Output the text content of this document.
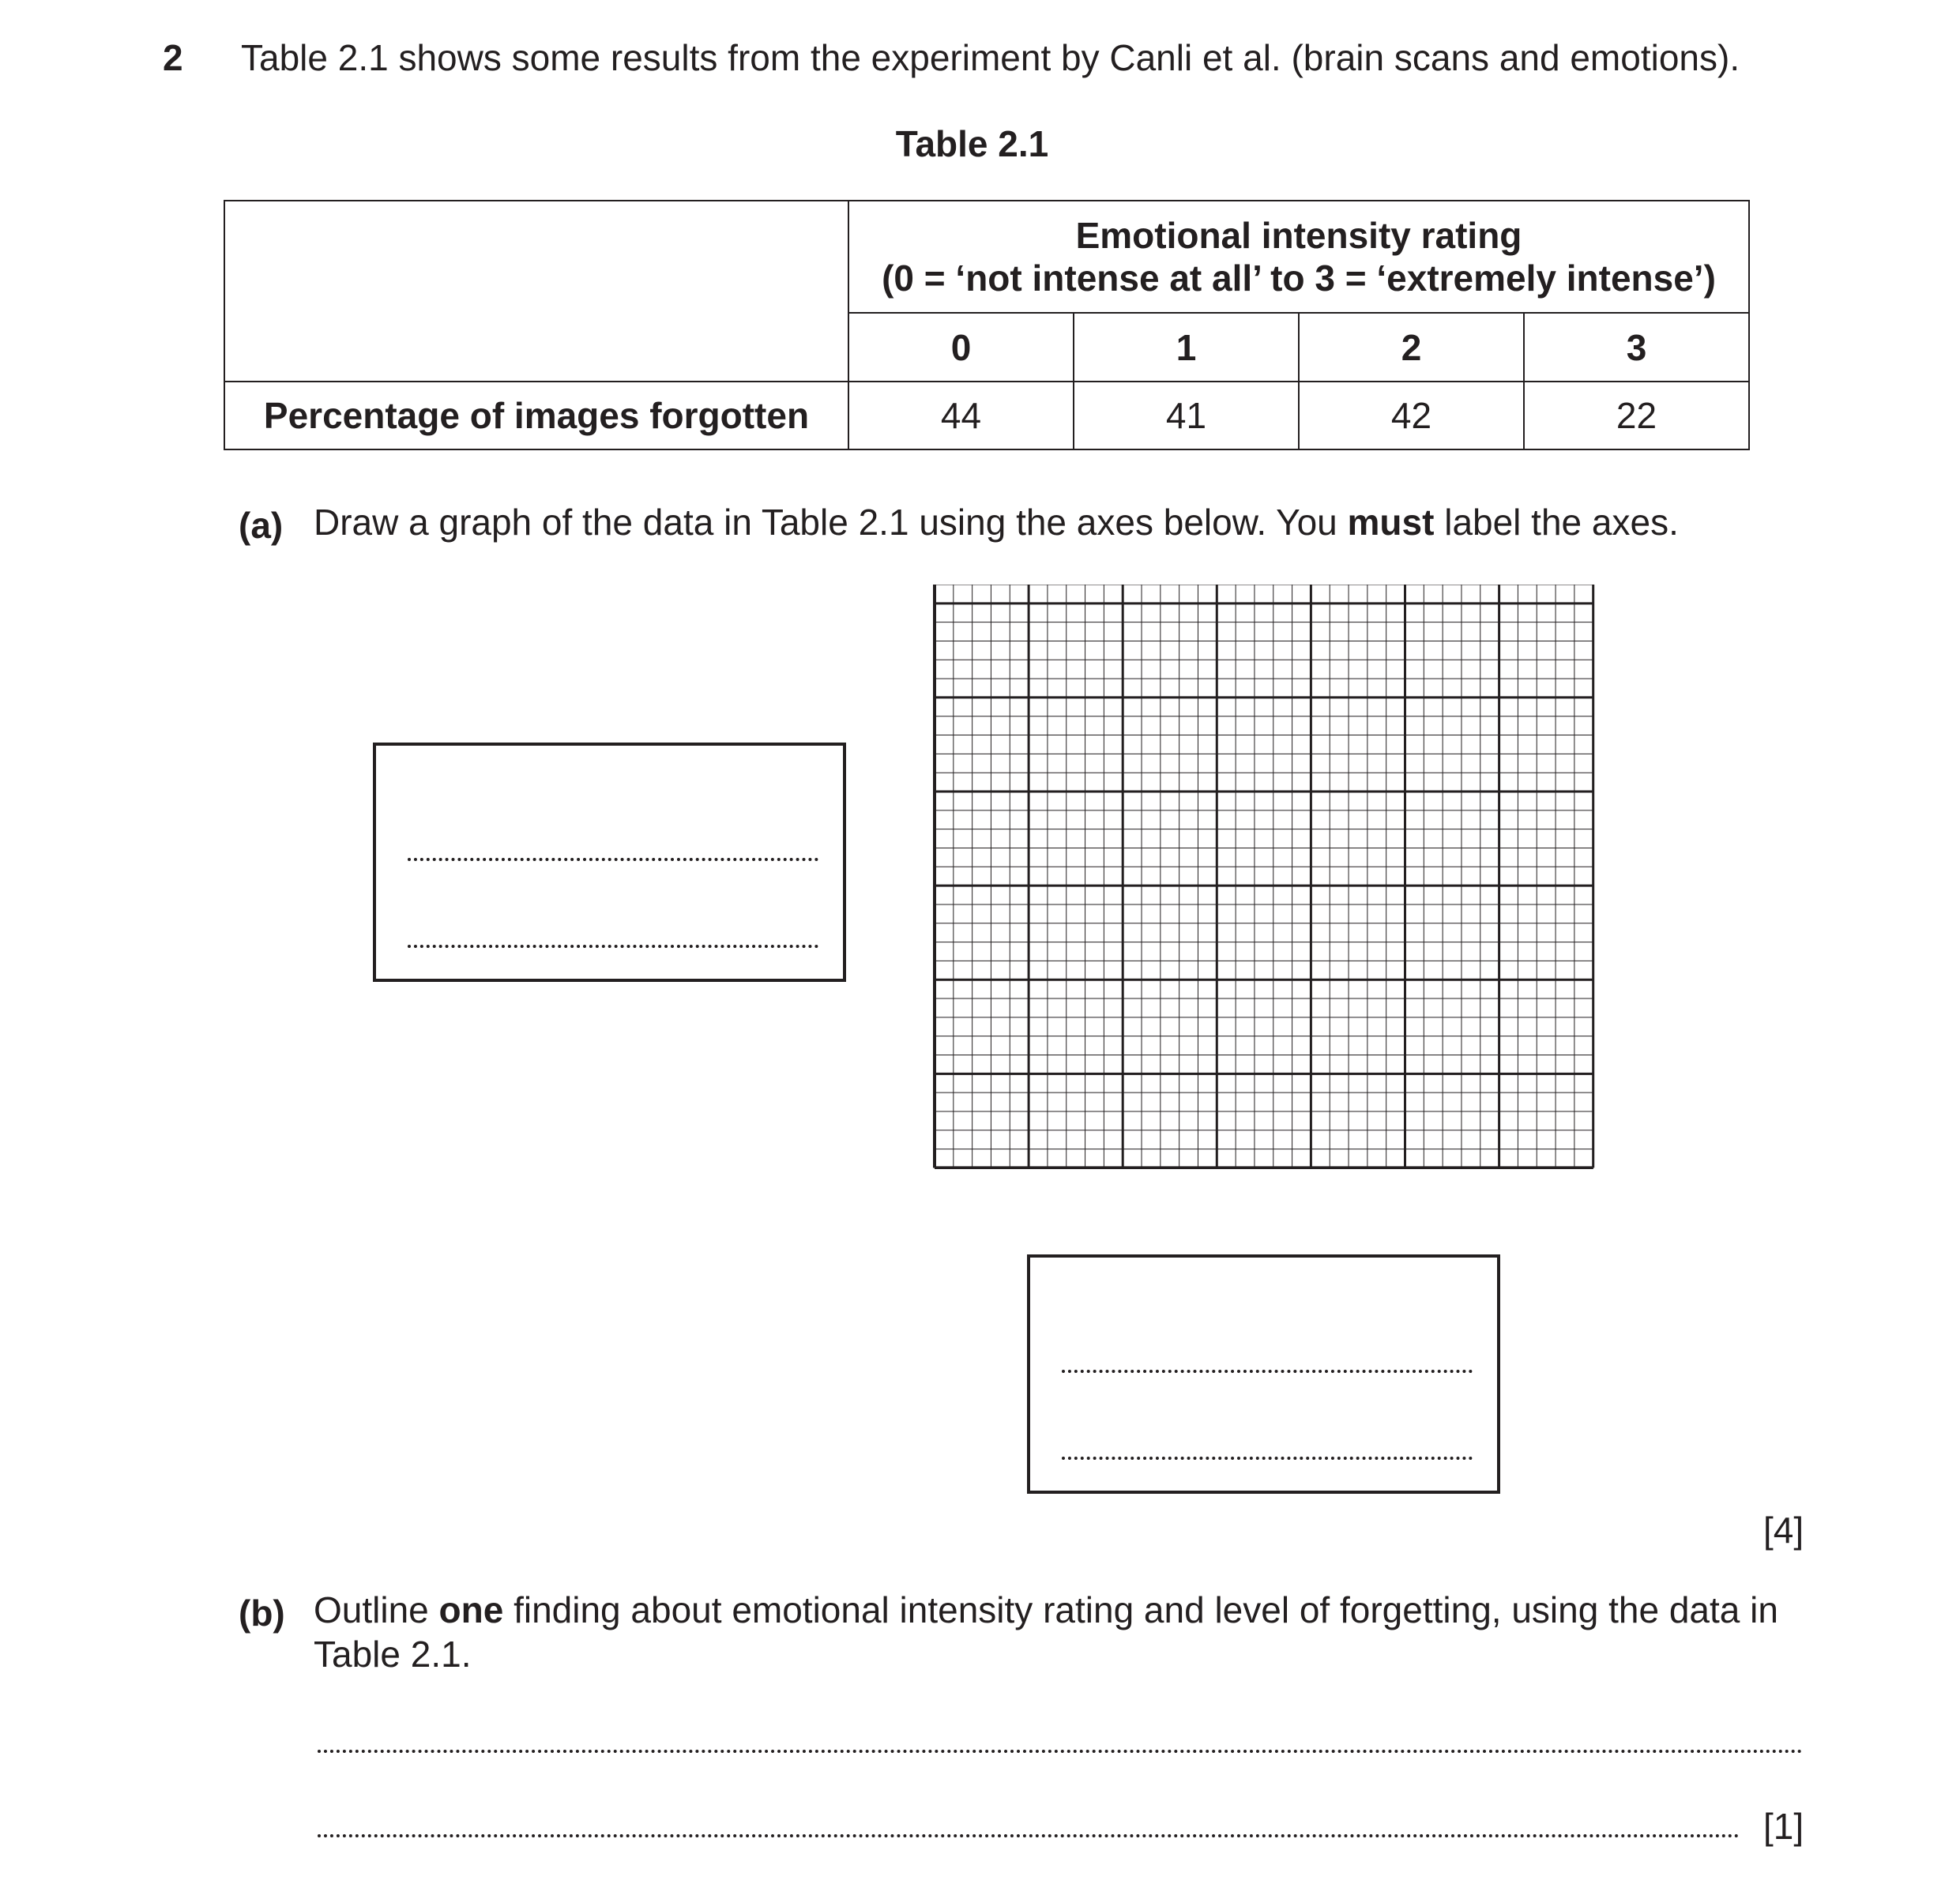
2 Table 2.1 shows some results from the experiment by Canli et al. (brain scans and emotions).
Table 2.1

	Emotional intensity rating
(0 = ‘not intense at all’ to 3 = ‘extremely intense’)			

	0	1	2	3
Percentage of images forgotten	44	41	42	22
(a) Draw a graph of the data in Table 2.1 using the axes below. You must label the axes.
[4]
(b) Outline one finding about emotional intensity rating and level of forgetting, using the data in Table 2.1.
[1]
